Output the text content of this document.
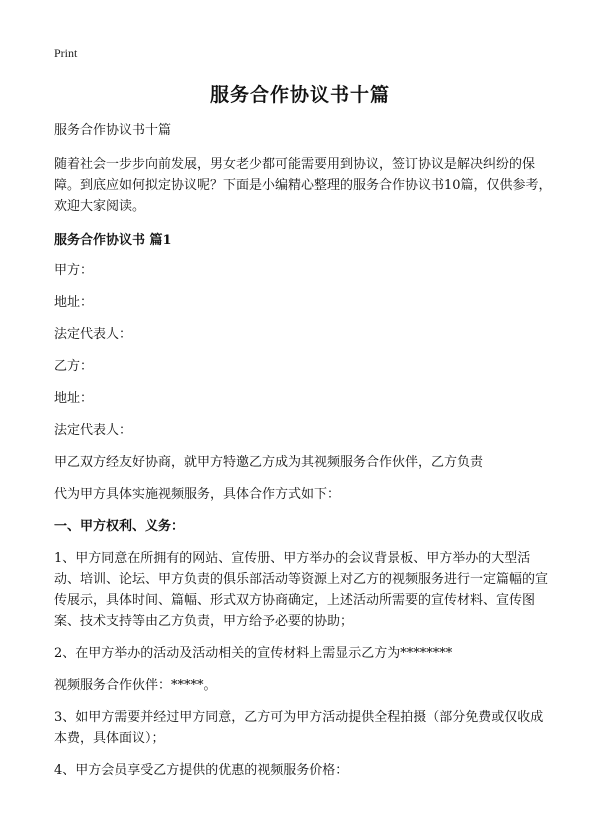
Print
服务合作协议书十篇

服务合作协议书十篇

随着社会一步步向前发展，男女老少都可能需要用到协议，签订协议是解决纠纷的保障。到底应如何拟定协议呢？下面是小编精心整理的服务合作协议书10篇，仅供参考，欢迎大家阅读。

服务合作协议书 篇1

甲方：

地址：

法定代表人：

乙方：

地址：

法定代表人：

甲乙双方经友好协商，就甲方特邀乙方成为其视频服务合作伙伴，乙方负责

代为甲方具体实施视频服务，具体合作方式如下：

一、甲方权利、义务：

1、甲方同意在所拥有的网站、宣传册、甲方举办的会议背景板、甲方举办的大型活动、培训、论坛、甲方负责的俱乐部活动等资源上对乙方的视频服务进行一定篇幅的宣传展示，具体时间、篇幅、形式双方协商确定，上述活动所需要的宣传材料、宣传图案、技术支持等由乙方负责，甲方给予必要的协助；

2、在甲方举办的活动及活动相关的宣传材料上需显示乙方为********

视频服务合作伙伴：*****。

3、如甲方需要并经过甲方同意，乙方可为甲方活动提供全程拍摄（部分免费或仅收成本费，具体面议）；

4、甲方会员享受乙方提供的优惠的视频服务价格：
